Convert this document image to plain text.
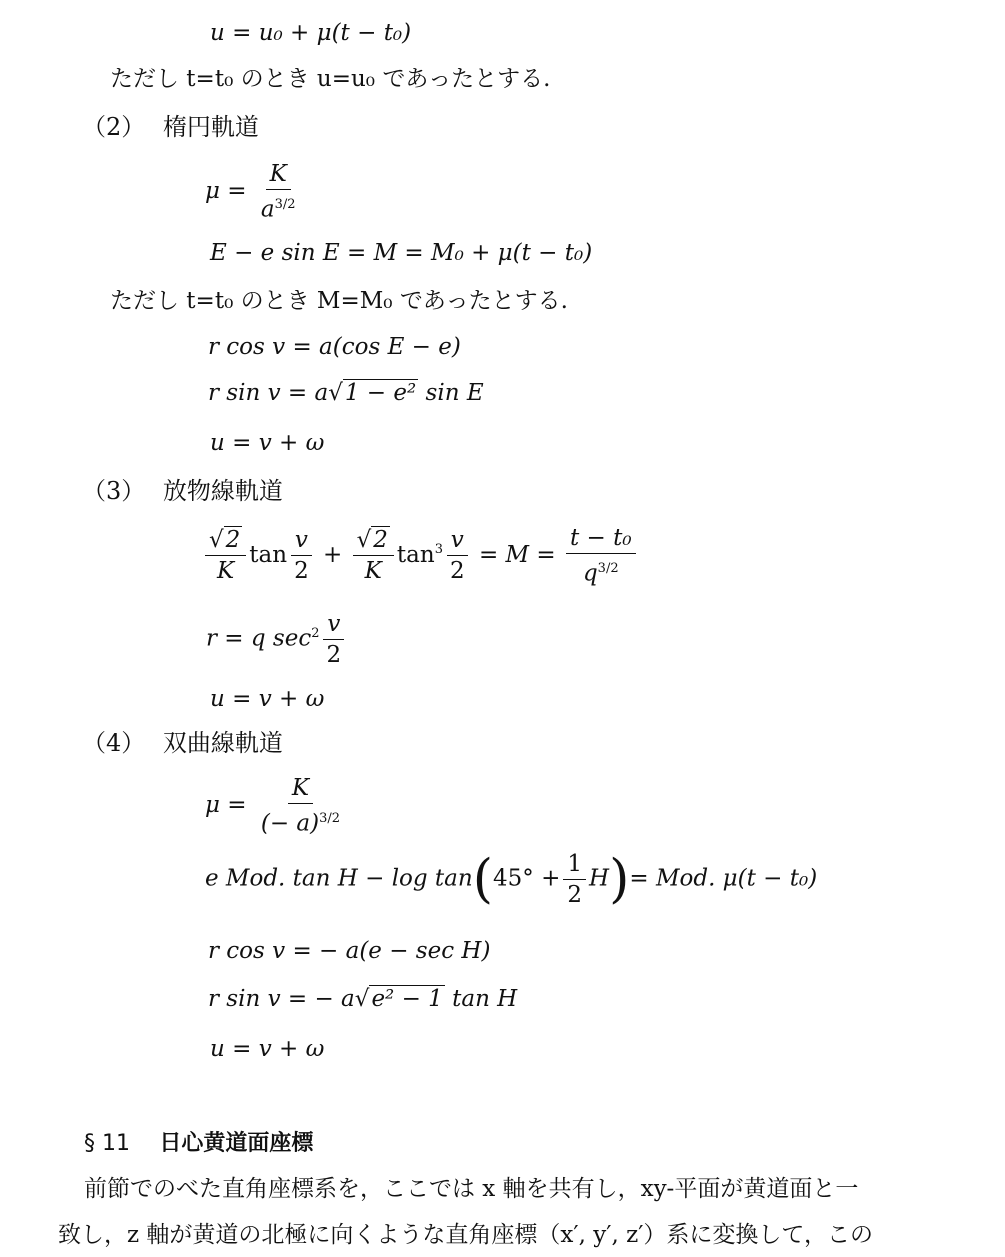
u = u₀ + μ(t − t₀)
ただし t=t₀ のとき u=u₀ であったとする.
（2） 楕円軌道
$\mu = \frac{K}{a^{3/2}}$
E − e sin E = M = M₀ + μ(t − t₀)
ただし t=t₀ のとき M=M₀ であったとする.
r cos v = a(cos E − e)
r sin v = a√1 − e² sin E
u = v + ω
（3） 放物線軌道
$\frac{√2}{K}$ $\tan \frac{v}{2} + \frac{√2}{K} \tan^3 \frac{v}{2} = M = \frac{\text{t − t₀}}{q^{3/2}}$
r = q $\sec^2 \frac{v}{2}$
u = v + ω
（4） 双曲線軌道
$\mu = \frac{K}{(- a)^{3/2}}$
e Mod. $\tan H - \log \tan(45^\circ + \frac{1}{2} H)=$ Mod. μ(t − t₀)
r cos v = − a(e − sec H)
r sin v = − a√e² − 1 tan H
u = v + ω
§ 11 日心黄道面座標
前節でのべた直角座標系を，ここでは x 軸を共有し，xy-平面が黄道面と一
致し，z 軸が黄道の北極に向くような直角座標（x′, y′, z′）系に変換して，この
